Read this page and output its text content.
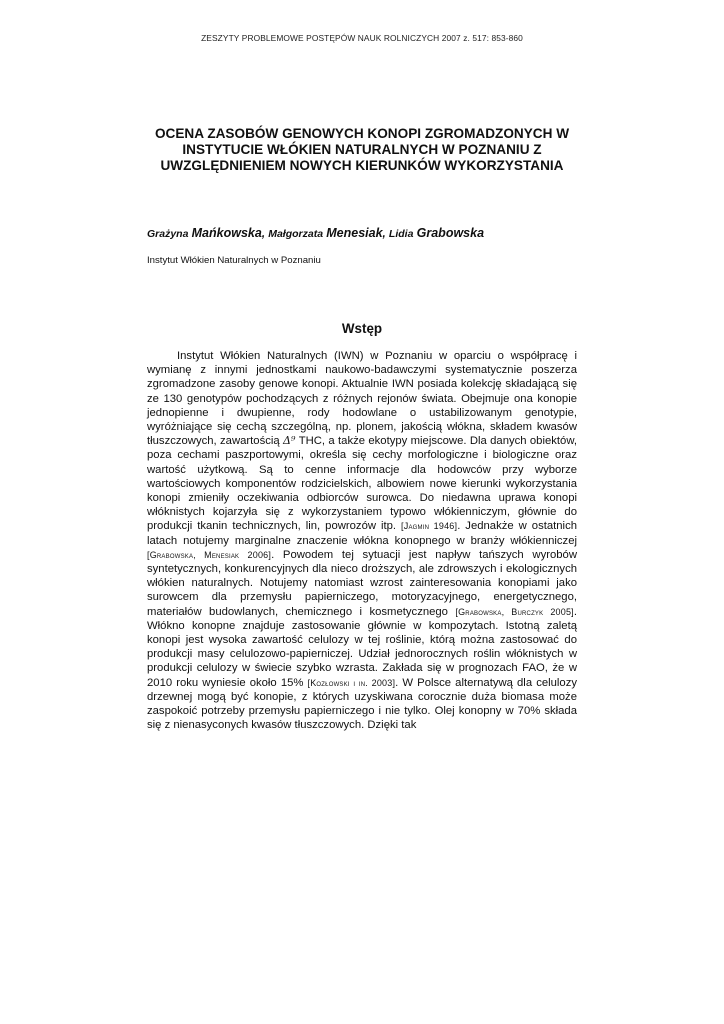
ZESZYTY PROBLEMOWE POSTĘPÓW NAUK ROLNICZYCH 2007 z. 517: 853-860
OCENA ZASOBÓW GENOWYCH KONOPI ZGROMADZONYCH W INSTYTUCIE WŁÓKIEN NATURALNYCH W POZNANIU Z UWZGLĘDNIENIEM NOWYCH KIERUNKÓW WYKORZYSTANIA
Grażyna Mańkowska, Małgorzata Menesiak, Lidia Grabowska
Instytut Włókien Naturalnych w Poznaniu
Wstęp
Instytut Włókien Naturalnych (IWN) w Poznaniu w oparciu o współpracę i wymianę z innymi jednostkami naukowo-badawczymi systematycznie poszerza zgromadzone zasoby genowe konopi. Aktualnie IWN posiada kolekcję składającą się ze 130 genotypów pochodzących z różnych rejonów świata. Obejmuje ona konopie jednopienne i dwupienne, rody hodowlane o ustabilizowanym genotypie, wyróżniające się cechą szczególną, np. plonem, jakością włókna, składem kwasów tłuszczowych, zawartością Δ⁹ THC, a także ekotypy miejscowe. Dla danych obiektów, poza cechami paszportowymi, określa się cechy morfologiczne i biologiczne oraz wartość użytkową. Są to cenne informacje dla hodowców przy wyborze wartościowych komponentów rodzicielskich, albowiem nowe kierunki wykorzystania konopi zmieniły oczekiwania odbiorców surowca. Do niedawna uprawa konopi włóknistych kojarzyła się z wykorzystaniem typowo włókienniczym, głównie do produkcji tkanin technicznych, lin, powrozów itp. [Jagmin 1946]. Jednakże w ostatnich latach notujemy marginalne znaczenie włókna konopnego w branży włókienniczej [Grabowska, Menesiak 2006]. Powodem tej sytuacji jest napływ tańszych wyrobów syntetycznych, konkurencyjnych dla nieco droższych, ale zdrowszych i ekologicznych włókien naturalnych. Notujemy natomiast wzrost zainteresowania konopiami jako surowcem dla przemysłu papierniczego, motoryzacyjnego, energetycznego, materiałów budowlanych, chemicznego i kosmetycznego [Grabowska, Burczyk 2005]. Włókno konopne znajduje zastosowanie głównie w kompozytach. Istotną zaletą konopi jest wysoka zawartość celulozy w tej roślinie, którą można zastosować do produkcji masy celulozowo-papierniczej. Udział jednorocznych roślin włóknistych w produkcji celulozy w świecie szybko wzrasta. Zakłada się w prognozach FAO, że w 2010 roku wyniesie około 15% [Kozłowski i in. 2003]. W Polsce alternatywą dla celulozy drzewnej mogą być konopie, z których uzyskiwana corocznie duża biomasa może zaspokoić potrzeby przemysłu papierniczego i nie tylko. Olej konopny w 70% składa się z nienasyconych kwasów tłuszczowych. Dzięki tak
